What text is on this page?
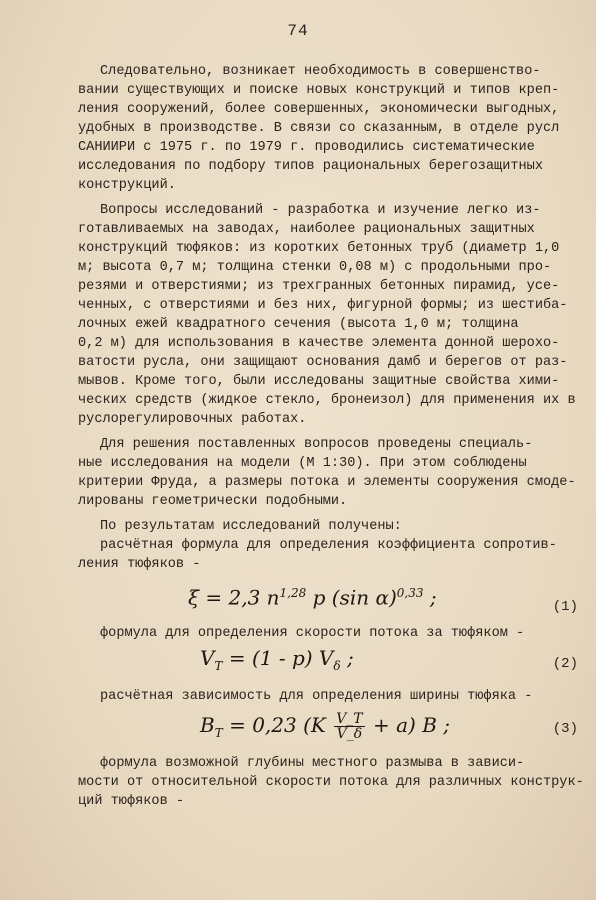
74
Следовательно, возникает необходимость в совершенство-
вании существующих и поиске новых конструкций и типов креп-
ления сооружений, более совершенных, экономически выгодных,
удобных в производстве. В связи со сказанным, в отделе русл
САНИИРИ с 1975 г. по 1979 г. проводились систематические
исследования по подбору типов рациональных берегозащитных
конструкций.
Вопросы исследований - разработка и изучение легко из-
готавливаемых на заводах, наиболее рациональных защитных
конструкций тюфяков: из коротких бетонных труб (диаметр 1,0
м; высота 0,7 м; толщина стенки 0,08 м) с продольными про-
резями и отверстиями; из трехгранных бетонных пирамид, усе-
ченных, с отверстиями и без них, фигурной формы; из шестиба-
лочных ежей квадратного сечения (высота 1,0 м; толщина
0,2 м) для использования в качестве элемента донной шерохо-
ватости русла, они защищают основания дамб и берегов от раз-
мывов. Кроме того, были исследованы защитные свойства хими-
ческих средств (жидкое стекло, бронеизол) для применения их в
руслорегулировочных работах.
Для решения поставленных вопросов проведены специаль-
ные исследования на модели (М 1:30). При этом соблюдены
критерии Фруда, а размеры потока и элементы сооружения смоде-
лированы геометрически подобными.
По результатам исследований получены:
расчётная формула для определения коэффициента сопротив-
ления тюфяков -
ξ = 2,3 $n^{1,28}$ p (sin α)$^{0,33}$ ;	(1)
формула для определения скорости потока за тюфяком -
$V_T = (1 - p)$ $V_\delta$ ;	(2)
расчётная зависимость для определения ширины тюфяка -
$B_T = 0,23$ $(K \frac{V\_T}{V\_\delta} + a)$ B ;	(3)
формула возможной глубины местного размыва в зависи-
мости от относительной скорости потока для различных конструк-
ций тюфяков -
